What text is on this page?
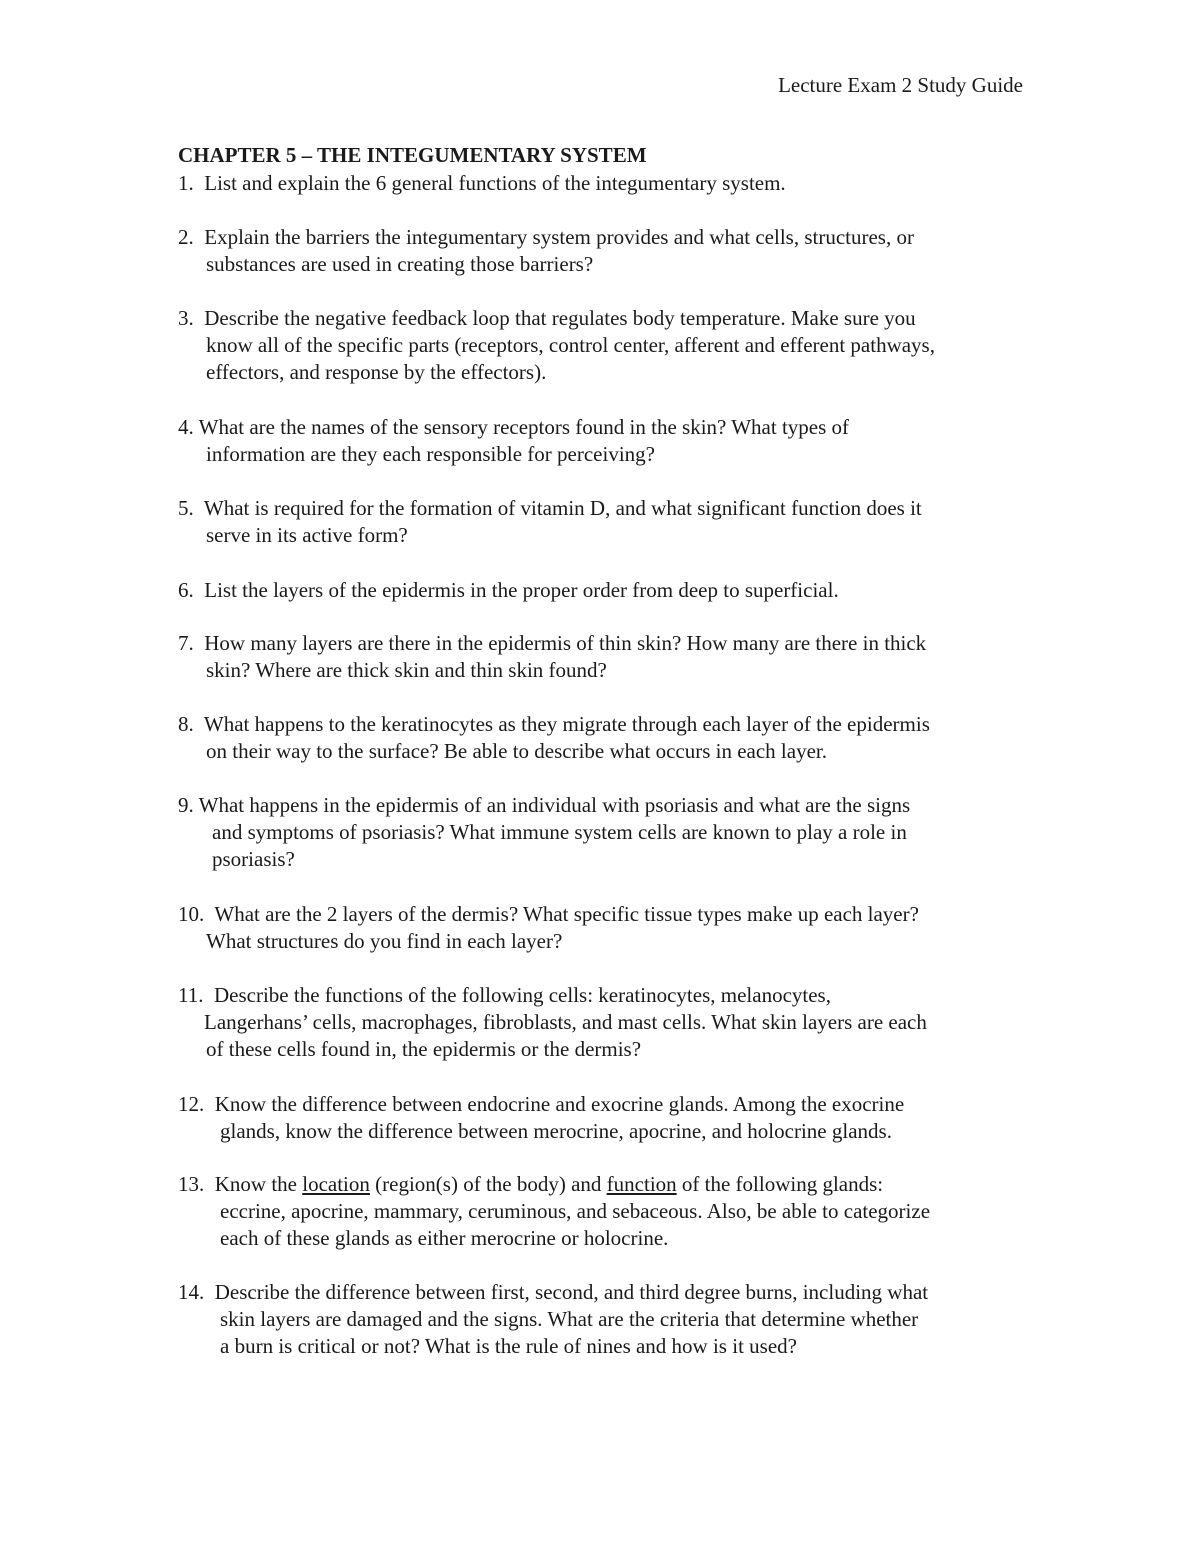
Lecture Exam 2 Study Guide
CHAPTER 5 – THE INTEGUMENTARY SYSTEM
1. List and explain the 6 general functions of the integumentary system.
2. Explain the barriers the integumentary system provides and what cells, structures, or
substances are used in creating those barriers?
3. Describe the negative feedback loop that regulates body temperature. Make sure you
know all of the specific parts (receptors, control center, afferent and efferent pathways,
effectors, and response by the effectors).
4. What are the names of the sensory receptors found in the skin? What types of
information are they each responsible for perceiving?
5. What is required for the formation of vitamin D, and what significant function does it
serve in its active form?
6. List the layers of the epidermis in the proper order from deep to superficial.
7. How many layers are there in the epidermis of thin skin? How many are there in thick
skin? Where are thick skin and thin skin found?
8. What happens to the keratinocytes as they migrate through each layer of the epidermis
on their way to the surface? Be able to describe what occurs in each layer.
9. What happens in the epidermis of an individual with psoriasis and what are the signs
and symptoms of psoriasis? What immune system cells are known to play a role in
psoriasis?
10. What are the 2 layers of the dermis? What specific tissue types make up each layer?
What structures do you find in each layer?
11. Describe the functions of the following cells: keratinocytes, melanocytes,
Langerhans’ cells, macrophages, fibroblasts, and mast cells. What skin layers are each
of these cells found in, the epidermis or the dermis?
12. Know the difference between endocrine and exocrine glands. Among the exocrine
glands, know the difference between merocrine, apocrine, and holocrine glands.
13. Know the location (region(s) of the body) and function of the following glands:
eccrine, apocrine, mammary, ceruminous, and sebaceous. Also, be able to categorize
each of these glands as either merocrine or holocrine.
14. Describe the difference between first, second, and third degree burns, including what
skin layers are damaged and the signs. What are the criteria that determine whether
a burn is critical or not? What is the rule of nines and how is it used?
